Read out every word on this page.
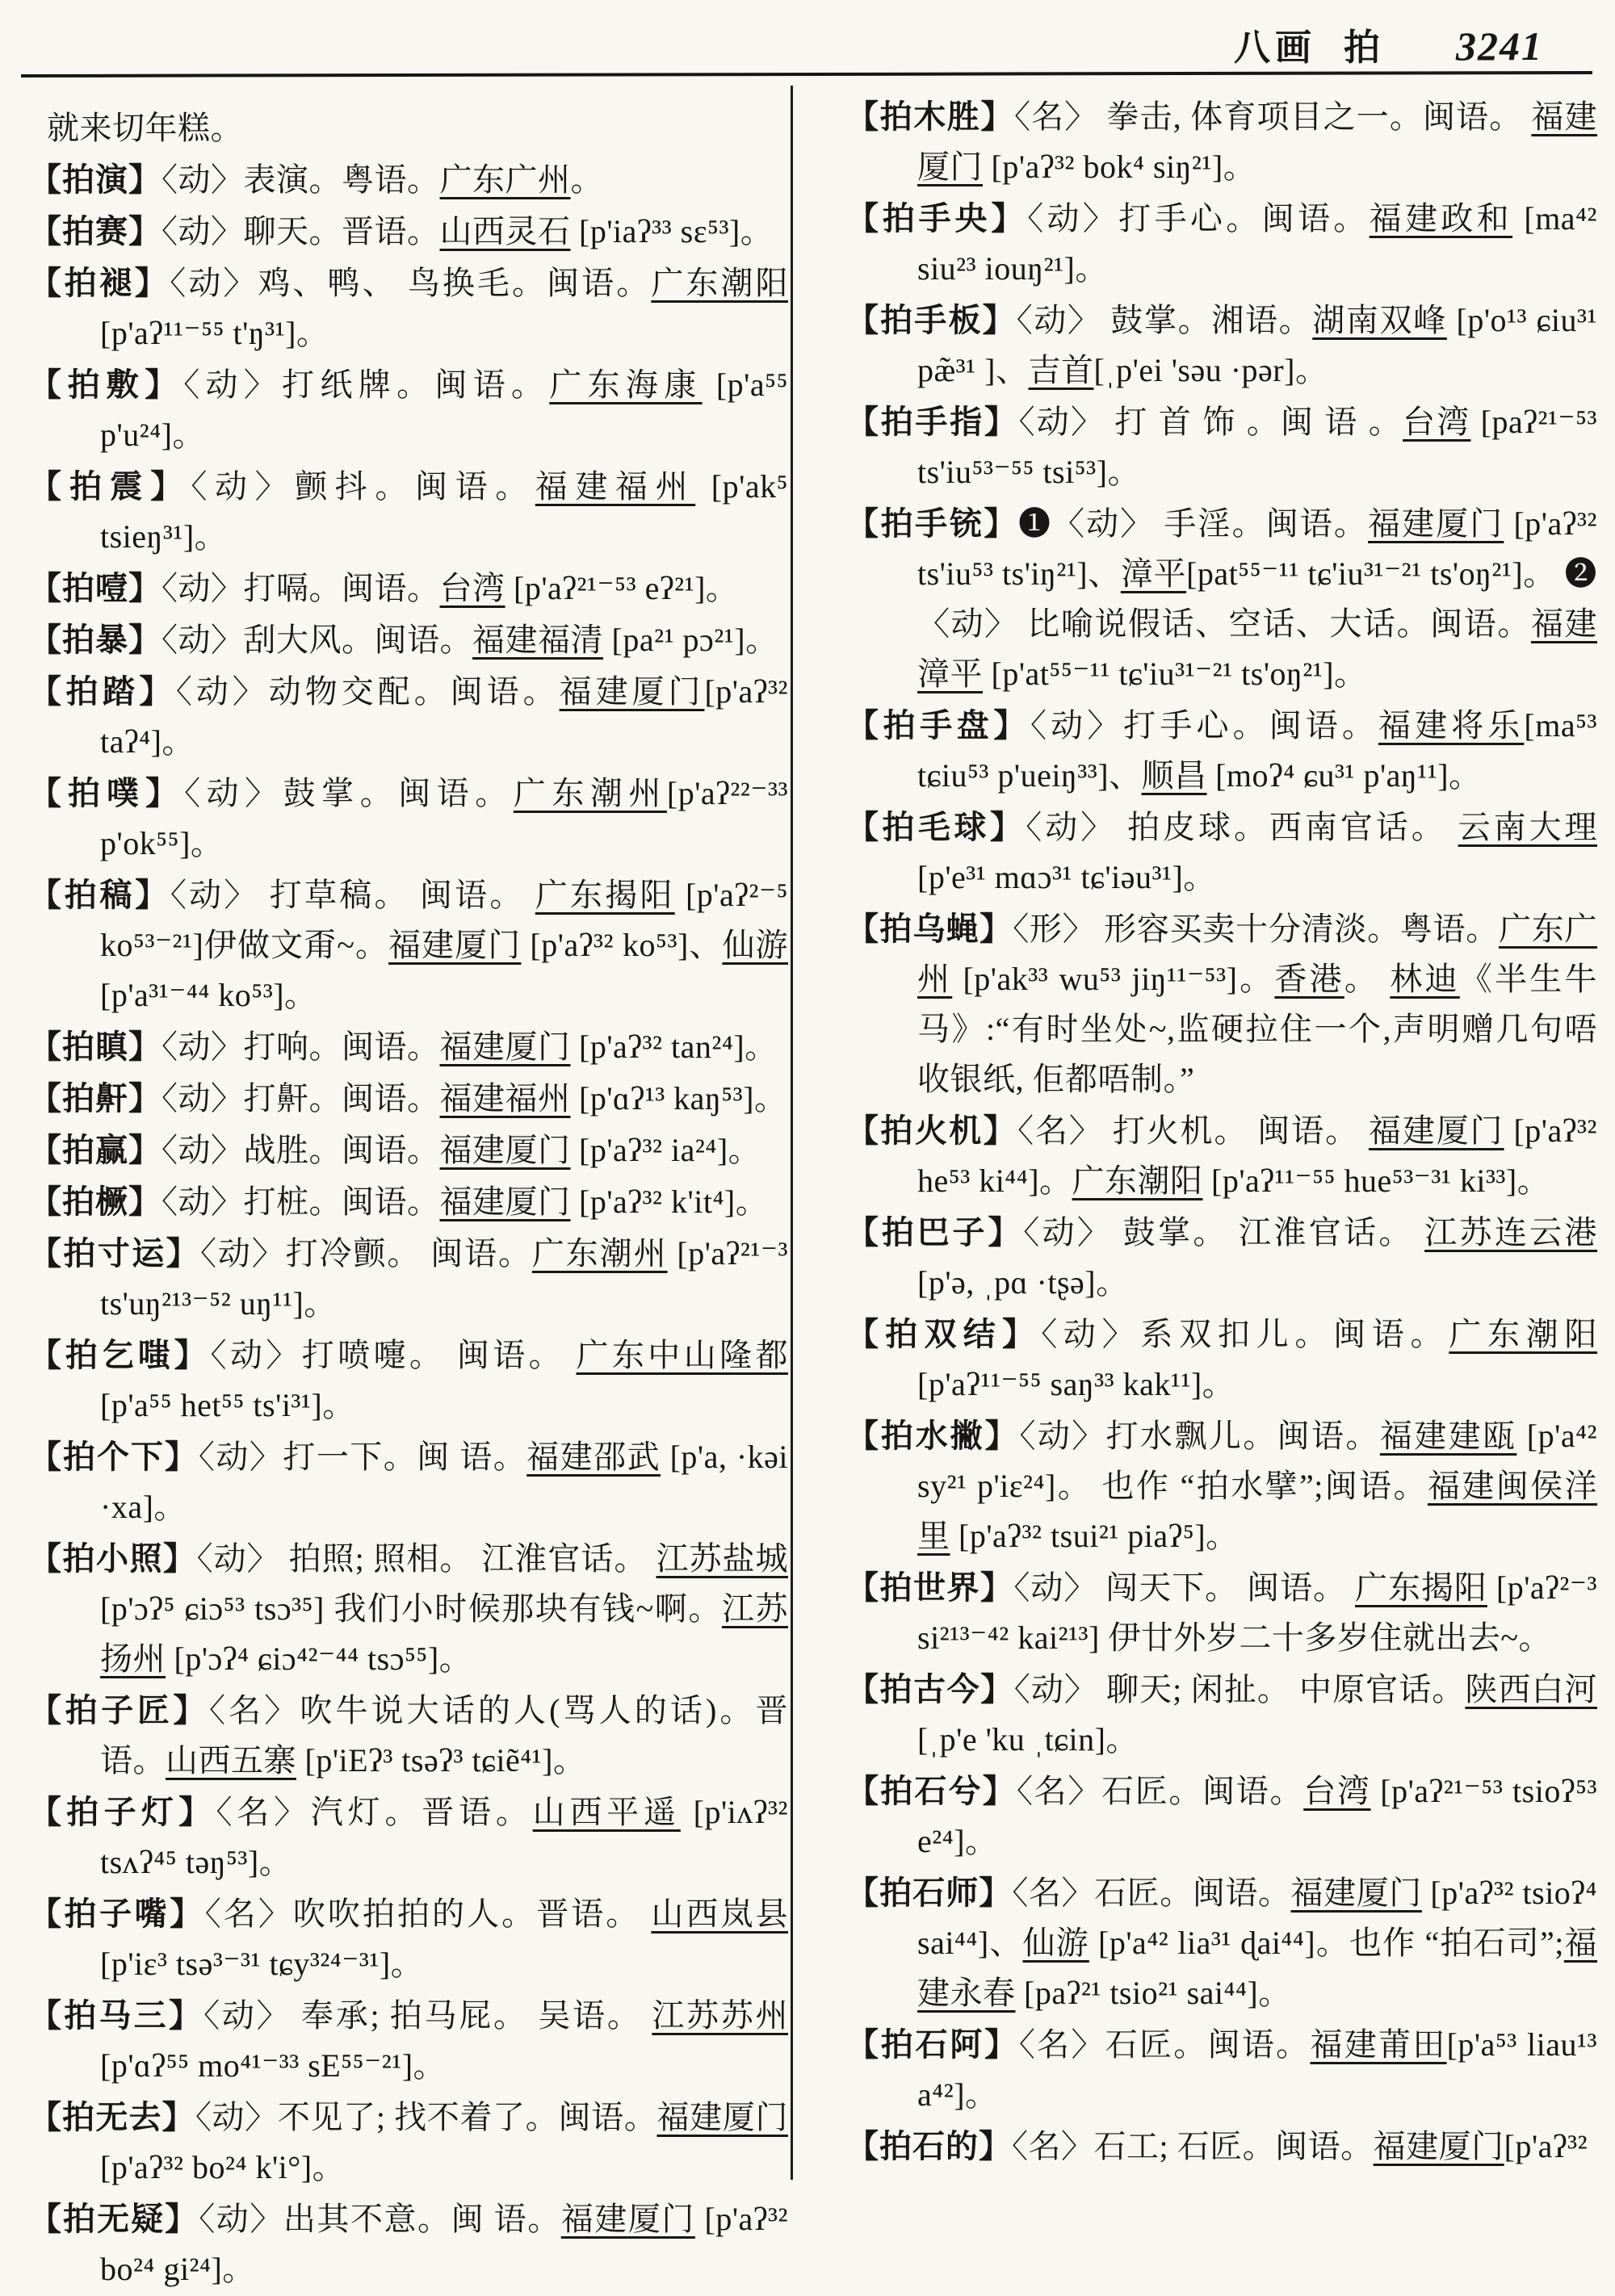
八画 拍 3241
就来切年糕。
【拍演】〈动〉表演。粤语。广东广州。
【拍赛】〈动〉聊天。晋语。山西灵石 [p'iaʔ³³ sɛ⁵³]。
【拍褪】〈动〉鸡、鸭、 鸟换毛。闽语。广东潮阳[p'aʔ¹¹⁻⁵⁵ t'ŋ³¹]。
【拍敷】〈动〉打纸牌。闽语。广东海康 [p'a⁵⁵ p'u²⁴]。
【拍震】〈动〉颤抖。闽语。福建福州 [p'ak⁵ tsieŋ³¹]。
【拍噎】〈动〉打嗝。闽语。台湾 [p'aʔ²¹⁻⁵³ eʔ²¹]。
【拍暴】〈动〉刮大风。闽语。福建福清 [pa²¹ pɔ²¹]。
【拍踏】〈动〉动物交配。闽语。福建厦门[p'aʔ³² taʔ⁴]。
【拍噗】〈动〉鼓掌。闽语。广东潮州[p'aʔ²²⁻³³ p'ok⁵⁵]。
【拍稿】〈动〉 打草稿。 闽语。 广东揭阳 [p'aʔ²⁻⁵ ko⁵³⁻²¹]伊做文甭~。福建厦门 [p'aʔ³² ko⁵³]、仙游 [p'a³¹⁻⁴⁴ ko⁵³]。
【拍瞋】〈动〉打响。闽语。福建厦门 [p'aʔ³² tan²⁴]。
【拍鼾】〈动〉打鼾。闽语。福建福州 [p'ɑʔ¹³ kaŋ⁵³]。
【拍赢】〈动〉战胜。闽语。福建厦门 [p'aʔ³² ia²⁴]。
【拍橛】〈动〉打桩。闽语。福建厦门 [p'aʔ³² k'it⁴]。
【拍寸运】〈动〉打冷颤。 闽语。广东潮州 [p'aʔ²¹⁻³ ts'uŋ²¹³⁻⁵² uŋ¹¹]。
【拍乞嗤】〈动〉打喷嚏。 闽语。 广东中山隆都[p'a⁵⁵ het⁵⁵ ts'i³¹]。
【拍个下】〈动〉打一下。闽 语。福建邵武 [p'a, ·kəi ·xa]。
【拍小照】〈动〉 拍照; 照相。 江淮官话。 江苏盐城 [p'ɔʔ⁵ ɕiɔ⁵³ tsɔ³⁵] 我们小时候那块有钱~啊。江苏扬州 [p'ɔʔ⁴ ɕiɔ⁴²⁻⁴⁴ tsɔ⁵⁵]。
【拍子匠】〈名〉吹牛说大话的人(骂人的话)。晋语。山西五寨 [p'iEʔ³ tsəʔ³ tɕiẽ⁴¹]。
【拍子灯】〈名〉汽灯。晋语。山西平遥 [p'iʌʔ³² tsʌʔ⁴⁵ təŋ⁵³]。
【拍子嘴】〈名〉吹吹拍拍的人。晋语。 山西岚县 [p'iɛ³ tsə³⁻³¹ tɕy³²⁴⁻³¹]。
【拍马三】〈动〉 奉承; 拍马屁。 吴语。 江苏苏州 [p'ɑʔ⁵⁵ mo⁴¹⁻³³ sE⁵⁵⁻²¹]。
【拍无去】〈动〉不见了; 找不着了。闽语。福建厦门 [p'aʔ³² bo²⁴ k'i°]。
【拍无疑】〈动〉出其不意。闽 语。福建厦门 [p'aʔ³² bo²⁴ gi²⁴]。
【拍木胜】〈名〉 拳击, 体育项目之一。闽语。 福建厦门 [p'aʔ³² bok⁴ siŋ²¹]。
【拍手央】〈动〉打手心。闽语。福建政和 [ma⁴² siu²³ iouŋ²¹]。
【拍手板】〈动〉 鼓掌。湘语。湖南双峰 [p'o¹³ ɕiu³¹ pæ̃³¹ ]、吉首[ˌp'ei 'səu ·pər]。
【拍手指】〈动〉 打 首 饰 。闽 语 。台湾 [paʔ²¹⁻⁵³ ts'iu⁵³⁻⁵⁵ tsi⁵³]。
【拍手铳】❶〈动〉 手淫。闽语。福建厦门 [p'aʔ³² ts'iu⁵³ ts'iŋ²¹]、漳平[pat⁵⁵⁻¹¹ tɕ'iu³¹⁻²¹ ts'oŋ²¹]。 ❷ 〈动〉 比喻说假话、空话、大话。闽语。福建漳平 [p'at⁵⁵⁻¹¹ tɕ'iu³¹⁻²¹ ts'oŋ²¹]。
【拍手盘】〈动〉打手心。闽语。福建将乐[ma⁵³ tɕiu⁵³ p'ueiŋ³³]、顺昌 [moʔ⁴ ɕu³¹ p'aŋ¹¹]。
【拍毛球】〈动〉 拍皮球。西南官话。 云南大理 [p'e³¹ mɑɔ³¹ tɕ'iəu³¹]。
【拍乌蝇】〈形〉 形容买卖十分清淡。粤语。广东广州 [p'ak³³ wu⁵³ jiŋ¹¹⁻⁵³]。香港。 林迪《半生牛 马》:“有时坐处~,监硬拉住一个,声明赠几句唔收银纸, 佢都唔制。”
【拍火机】〈名〉 打火机。 闽语。 福建厦门 [p'aʔ³² he⁵³ ki⁴⁴]。广东潮阳 [p'aʔ¹¹⁻⁵⁵ hue⁵³⁻³¹ ki³³]。
【拍巴子】〈动〉 鼓掌。 江淮官话。 江苏连云港 [p'ə, ˌpɑ ·tʂə]。
【拍双结】〈动〉系双扣儿。闽语。广东潮阳 [p'aʔ¹¹⁻⁵⁵ saŋ³³ kak¹¹]。
【拍水撇】〈动〉打水飘儿。闽语。福建建瓯 [p'a⁴² sy²¹ p'iɛ²⁴]。 也作 “拍水擘”;闽语。福建闽侯洋里 [p'aʔ³² tsui²¹ piaʔ⁵]。
【拍世界】〈动〉 闯天下。 闽语。 广东揭阳 [p'aʔ²⁻³ si²¹³⁻⁴² kai²¹³] 伊廿外岁二十多岁住就出去~。
【拍古今】〈动〉 聊天; 闲扯。 中原官话。陕西白河 [ˌp'e 'ku ˌtɕin]。
【拍石兮】〈名〉石匠。闽语。台湾 [p'aʔ²¹⁻⁵³ tsioʔ⁵³ e²⁴]。
【拍石师】〈名〉石匠。闽语。福建厦门 [p'aʔ³² tsioʔ⁴ sai⁴⁴]、仙游 [p'a⁴² lia³¹ ɖai⁴⁴]。也作 “拍石司”;福建永春 [paʔ²¹ tsio²¹ sai⁴⁴]。
【拍石阿】〈名〉石匠。闽语。福建莆田[p'a⁵³ liau¹³ a⁴²]。
【拍石的】〈名〉石工; 石匠。闽语。福建厦门[p'aʔ³²
